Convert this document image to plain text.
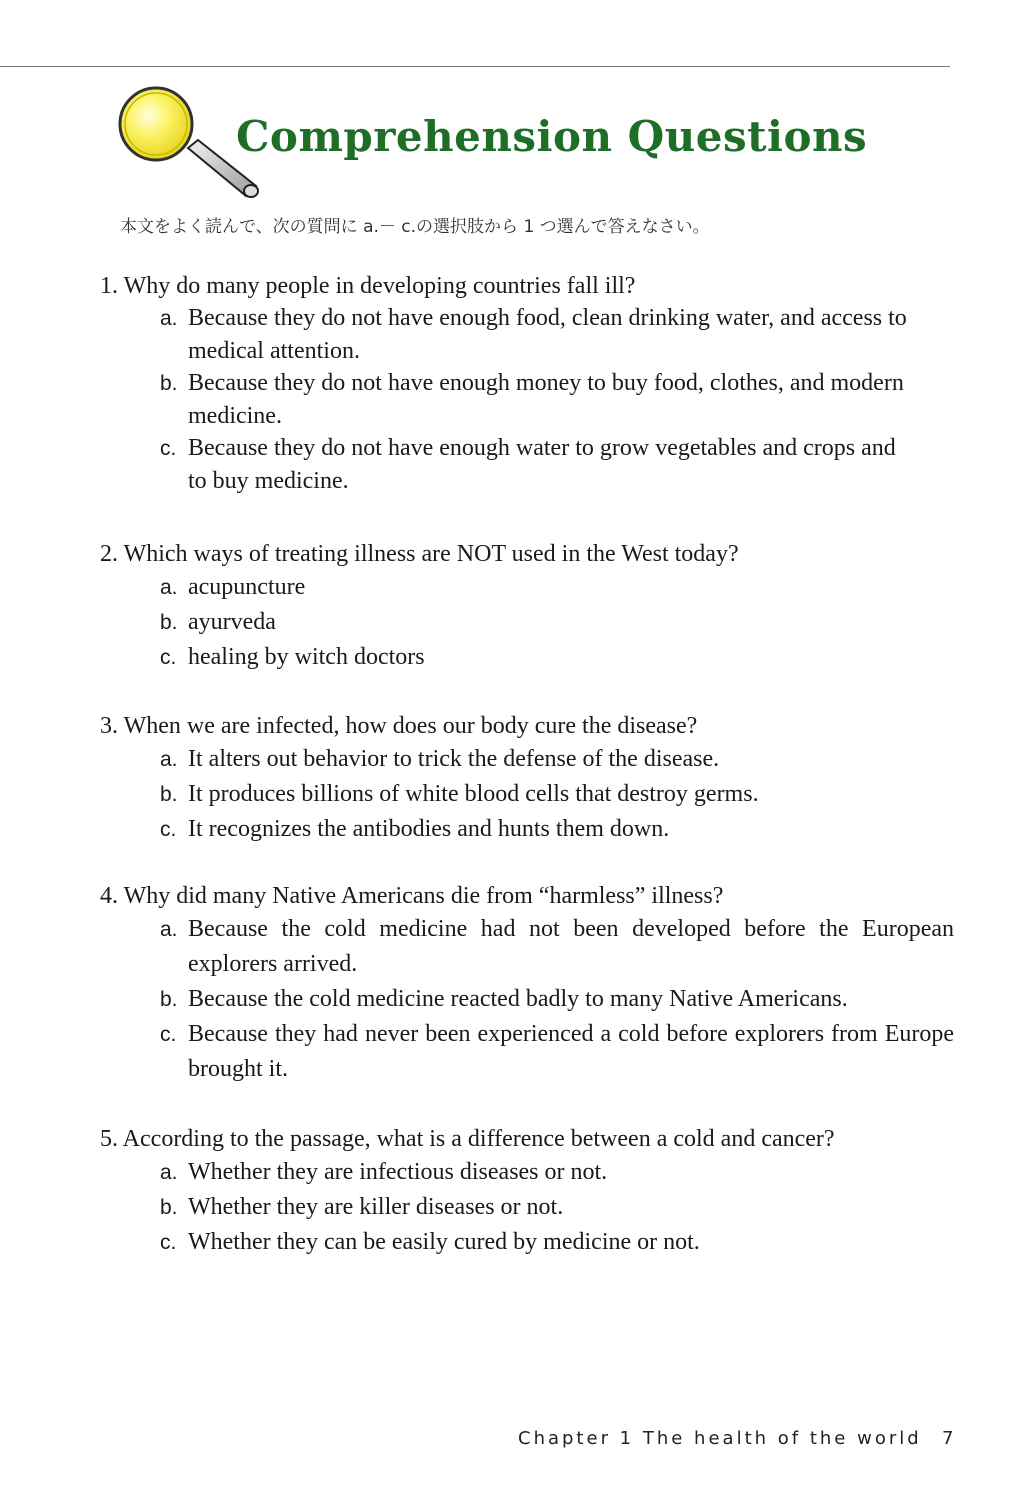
Comprehension Questions
本文をよく読んで、次の質問に a.－ c.の選択肢から 1 つ選んで答えなさい。
1. Why do many people in developing countries fall ill?
a. Because they do not have enough food, clean drinking water, and access to medical attention.
b. Because they do not have enough money to buy food, clothes, and modern medicine.
c. Because they do not have enough water to grow vegetables and crops and to buy medicine.
2. Which ways of treating illness are NOT used in the West today?
a. acupuncture
b. ayurveda
c. healing by witch doctors
3. When we are infected, how does our body cure the disease?
a. It alters out behavior to trick the defense of the disease.
b. It produces billions of white blood cells that destroy germs.
c. It recognizes the antibodies and hunts them down.
4. Why did many Native Americans die from “harmless” illness?
a. Because the cold medicine had not been developed before the European explorers arrived.
b. Because the cold medicine reacted badly to many Native Americans.
c. Because they had never been experienced a cold before explorers from Europe brought it.
5. According to the passage, what is a difference between a cold and cancer?
a. Whether they are infectious diseases or not.
b. Whether they are killer diseases or not.
c. Whether they can be easily cured by medicine or not.
Chapter 1 The health of the world 7
